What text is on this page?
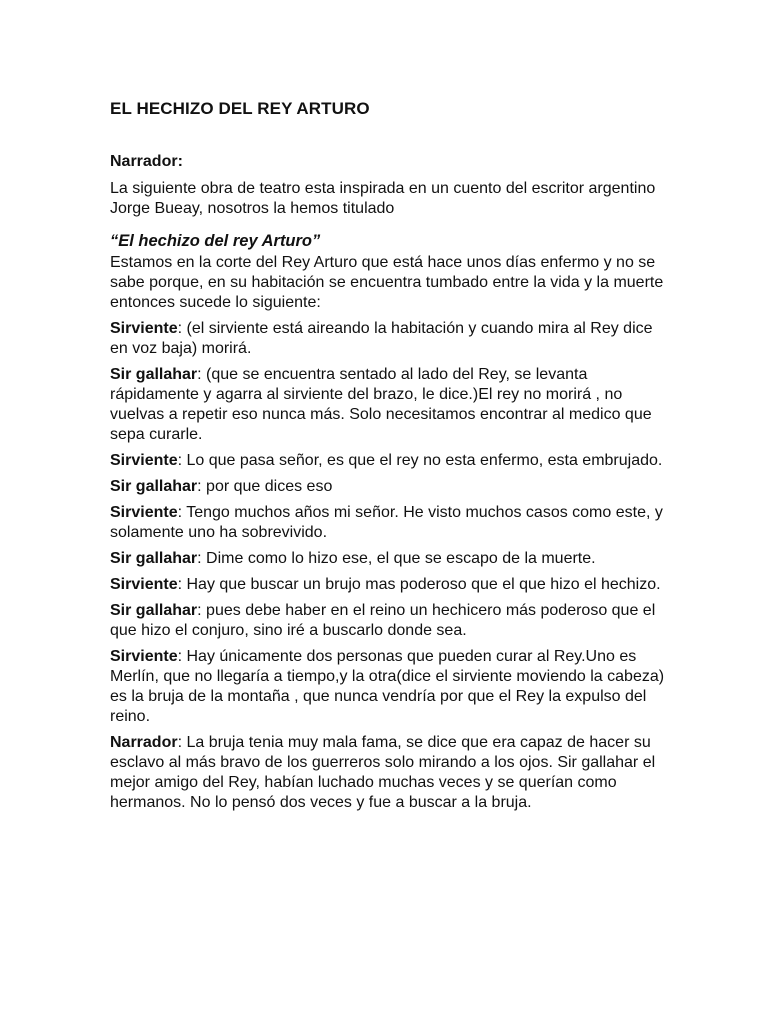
EL HECHIZO DEL REY ARTURO
Narrador:
La siguiente obra de teatro esta inspirada en un cuento del escritor argentino Jorge Bueay, nosotros la hemos titulado
“El hechizo del rey Arturo”
Estamos en la corte del Rey Arturo que está hace unos días enfermo y no se sabe porque, en su habitación se encuentra tumbado entre la vida y la muerte entonces sucede lo siguiente:
Sirviente: (el sirviente está aireando la habitación y cuando mira al Rey dice en voz baja) morirá.
Sir gallahar: (que se encuentra sentado al lado del Rey, se levanta rápidamente y agarra al sirviente del brazo, le dice.)El rey no morirá , no vuelvas a repetir eso nunca más. Solo necesitamos encontrar al medico que sepa curarle.
Sirviente: Lo que pasa señor, es que el rey no esta enfermo, esta embrujado.
Sir gallahar: por que dices eso
Sirviente: Tengo muchos años mi señor. He visto muchos casos como este, y solamente uno ha sobrevivido.
Sir gallahar: Dime como lo hizo ese, el que se escapo de la muerte.
Sirviente: Hay que buscar un brujo mas poderoso que el que hizo el hechizo.
Sir gallahar: pues debe haber en el reino un hechicero más poderoso que el que hizo el conjuro, sino iré a buscarlo donde sea.
Sirviente: Hay únicamente dos personas que pueden curar al Rey.Uno es Merlín, que no llegaría a tiempo,y la otra(dice el sirviente moviendo la cabeza) es la bruja de la montaña , que nunca vendría por que el Rey la expulso del reino.
Narrador: La bruja tenia muy mala fama, se dice que era capaz de hacer su esclavo al más bravo de los guerreros solo mirando a los ojos. Sir gallahar el mejor amigo del Rey, habían luchado muchas veces y se querían como hermanos. No lo pensó dos veces y fue a buscar a la bruja.
